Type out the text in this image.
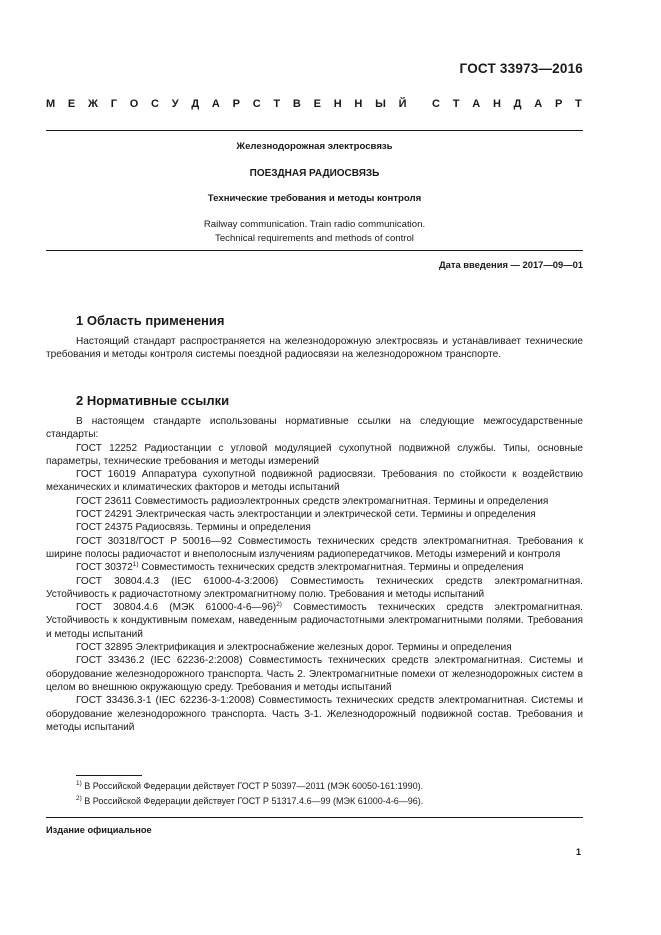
ГОСТ 33973—2016
М Е Ж Г О С У Д А Р С Т В Е Н Н Ы Й С Т А Н Д А Р Т
Железнодорожная электросвязь
ПОЕЗДНАЯ РАДИОСВЯЗЬ
Технические требования и методы контроля
Railway communication. Train radio communication.
Technical requirements and methods of control
Дата введения — 2017—09—01
1 Область применения

Настоящий стандарт распространяется на железнодорожную электросвязь и устанавливает технические требования и методы контроля системы поездной радиосвязи на железнодорожном транспорте.

2 Нормативные ссылки

В настоящем стандарте использованы нормативные ссылки на следующие межгосударственные стандарты:

ГОСТ 12252 Радиостанции с угловой модуляцией сухопутной подвижной службы. Типы, основные параметры, технические требования и методы измерений

ГОСТ 16019 Аппаратура сухопутной подвижной радиосвязи. Требования по стойкости к воздействию механических и климатических факторов и методы испытаний

ГОСТ 23611 Совместимость радиоэлектронных средств электромагнитная. Термины и определения

ГОСТ 24291 Электрическая часть электростанции и электрической сети. Термины и определения

ГОСТ 24375 Радиосвязь. Термины и определения

ГОСТ 30318/ГОСТ Р 50016—92 Совместимость технических средств электромагнитная. Требования к ширине полосы радиочастот и внеполосным излучениям радиопередатчиков. Методы измерений и контроля

ГОСТ 30372$^{1)}$ Совместимость технических средств электромагнитная. Термины и определения

ГОСТ 30804.4.3 (IEC 61000-4-3:2006) Совместимость технических средств электромагнитная. Устойчивость к радиочастотному электромагнитному полю. Требования и методы испытаний

ГОСТ 30804.4.6 (МЭК 61000-4-6—96)$^{2)}$ Совместимость технических средств электромагнитная. Устойчивость к кондуктивным помехам, наведенным радиочастотными электромагнитными полями. Требования и методы испытаний

ГОСТ 32895 Электрификация и электроснабжение железных дорог. Термины и определения

ГОСТ 33436.2 (IEC 62236-2:2008) Совместимость технических средств электромагнитная. Системы и оборудование железнодорожного транспорта. Часть 2. Электромагнитные помехи от железнодорожных систем в целом во внешнюю окружающую среду. Требования и методы испытаний

ГОСТ 33436.3-1 (IEC 62236-3-1:2008) Совместимость технических средств электромагнитная. Системы и оборудование железнодорожного транспорта. Часть 3-1. Железнодорожный подвижной состав. Требования и методы испытаний

$^{1)}$ В Российской Федерации действует ГОСТ Р 50397—2011 (МЭК 60050-161:1990).

$^{2)}$ В Российской Федерации действует ГОСТ Р 51317.4.6—99 (МЭК 61000-4-6—96).

Издание официальное
1
